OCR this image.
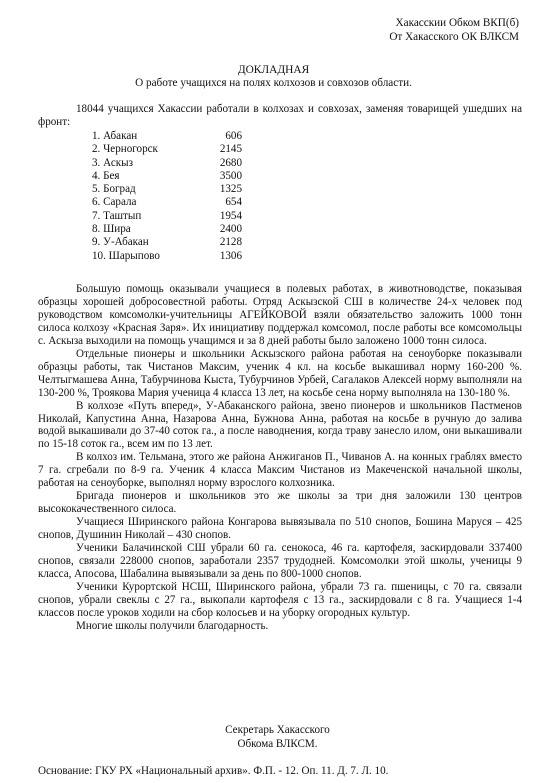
Хакасскии Обком ВКП(б)
От Хакасского ОК ВЛКСМ
ДОКЛАДНАЯ
О работе учащихся на полях колхозов и совхозов области.
18044 учащихся Хакассии работали в колхозах и совхозах, заменяя товарищей ушедших на фронт:
1. Абакан	606
2. Черногорск	2145
3. Аскыз	2680
4. Бея	3500
5. Боград	1325
6. Сарала	654
7. Таштып	1954
8. Шира	2400
9. У-Абакан	2128
10. Шарыпово	1306

Большую помощь оказывали учащиеся в полевых работах, в животноводстве, показывая образцы хорошей добросовестной работы. Отряд Аскызской СШ в количестве 24-х человек под руководством комсомолки-учительницы АГЕЙКОВОЙ взяли обязательство заложить 1000 тонн силоса колхозу «Красная Заря». Их инициативу поддержал комсомол, после работы все комсомольцы с. Аскыза выходили на помощь учащимся и за 8 дней работы было заложено 1000 тонн силоса.

Отдельные пионеры и школьники Аскызского района работая на сеноуборке показывали образцы работы, так Чистанов Максим, ученик 4 кл. на косьбе выкашивал норму 160-200 %. Челтыгмашева Анна, Табурчинова Кыста, Тубурчинов Урбей, Сагалаков Алексей норму выполняли на 130-200 %, Троякова Мария ученица 4 класса 13 лет, на косьбе сена норму выполняла на 130-180 %.

В колхозе «Путь вперед», У-Абаканского района, звено пионеров и школьников Пастменов Николай, Капустина Анна, Назарова Анна, Бужнова Анна, работая на косьбе в ручную до залива водой выкашивали до 37-40 соток га., а после наводнения, когда траву занесло илом, они выкашивали по 15-18 соток га., всем им по 13 лет.

В колхоз им. Тельмана, этого же района Анжиганов П., Чиванов А. на конных граблях вместо 7 га. сгребали по 8-9 га. Ученик 4 класса Максим Чистанов из Макеченской начальной школы, работая на сеноуборке, выполнял норму взрослого колхозника.

Бригада пионеров и школьников это же школы за три дня заложили 130 центров высококачественного силоса.

Учащиеся Ширинского района Конгарова вывязывала по 510 снопов, Бошина Маруся – 425 снопов, Душинин Николай – 430 снопов.

Ученики Балачинской СШ убрали 60 га. сенокоса, 46 га. картофеля, заскирдовали 337400 снопов, связали 228000 снопов, заработали 2357 трудодней. Комсомолки этой школы, ученицы 9 класса, Апосова, Шабалина вывязывали за день по 800-1000 снопов.

Ученики Курортской НСШ, Ширинского района, убрали 73 га. пшеницы, с 70 га. связали снопов, убрали свеклы с 27 га., выкопали картофеля с 13 га., заскирдовали с 8 га. Учащиеся 1-4 классов после уроков ходили на сбор колосьев и на уборку огородных культур.

Многие школы получили благодарность.

Секретарь Хакасского
Обкома ВЛКСМ.
Основание: ГКУ РХ «Национальный архив». Ф.П. - 12. Оп. 11. Д. 7. Л. 10.
